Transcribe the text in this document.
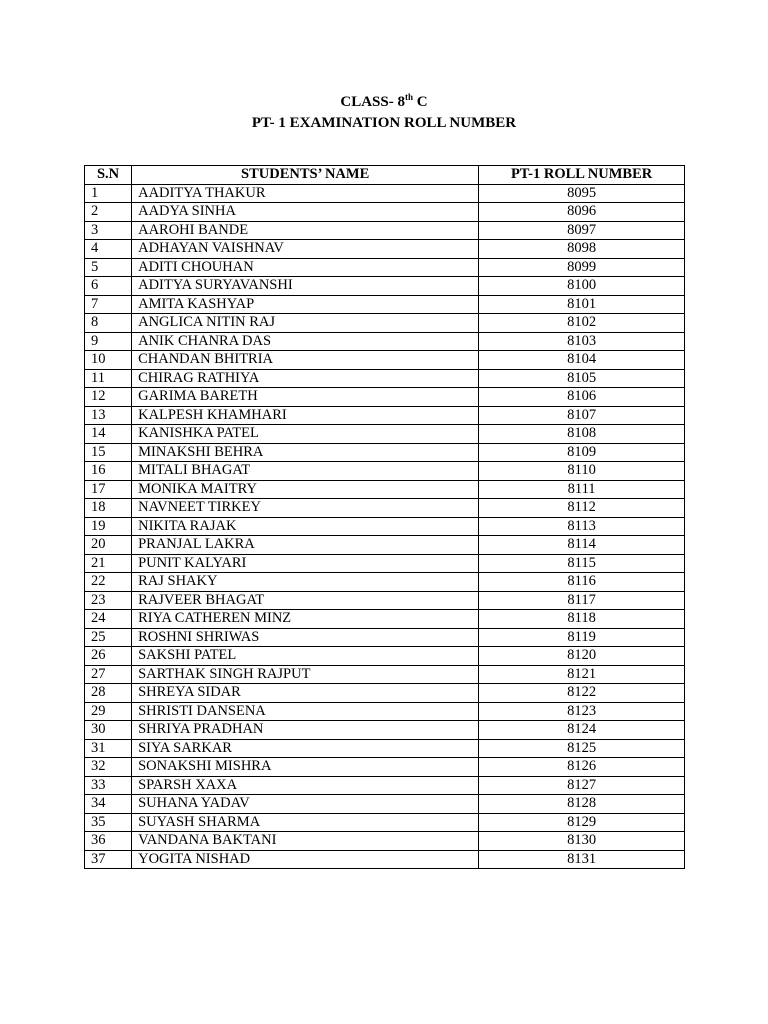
CLASS- 8th C
PT- 1 EXAMINATION ROLL NUMBER
S.N	STUDENTS’ NAME	PT-1 ROLL NUMBER
1	AADITYA THAKUR	8095
2	AADYA SINHA	8096
3	AAROHI BANDE	8097
4	ADHAYAN VAISHNAV	8098
5	ADITI CHOUHAN	8099
6	ADITYA SURYAVANSHI	8100
7	AMITA KASHYAP	8101
8	ANGLICA NITIN RAJ	8102
9	ANIK CHANRA DAS	8103
10	CHANDAN BHITRIA	8104
11	CHIRAG RATHIYA	8105
12	GARIMA BARETH	8106
13	KALPESH KHAMHARI	8107
14	KANISHKA PATEL	8108
15	MINAKSHI BEHRA	8109
16	MITALI BHAGAT	8110
17	MONIKA MAITRY	8111
18	NAVNEET TIRKEY	8112
19	NIKITA RAJAK	8113
20	PRANJAL LAKRA	8114
21	PUNIT KALYARI	8115
22	RAJ SHAKY	8116
23	RAJVEER BHAGAT	8117
24	RIYA CATHEREN MINZ	8118
25	ROSHNI SHRIWAS	8119
26	SAKSHI PATEL	8120
27	SARTHAK SINGH RAJPUT	8121
28	SHREYA SIDAR	8122
29	SHRISTI DANSENA	8123
30	SHRIYA PRADHAN	8124
31	SIYA SARKAR	8125
32	SONAKSHI MISHRA	8126
33	SPARSH XAXA	8127
34	SUHANA YADAV	8128
35	SUYASH SHARMA	8129
36	VANDANA BAKTANI	8130
37	YOGITA NISHAD	8131
